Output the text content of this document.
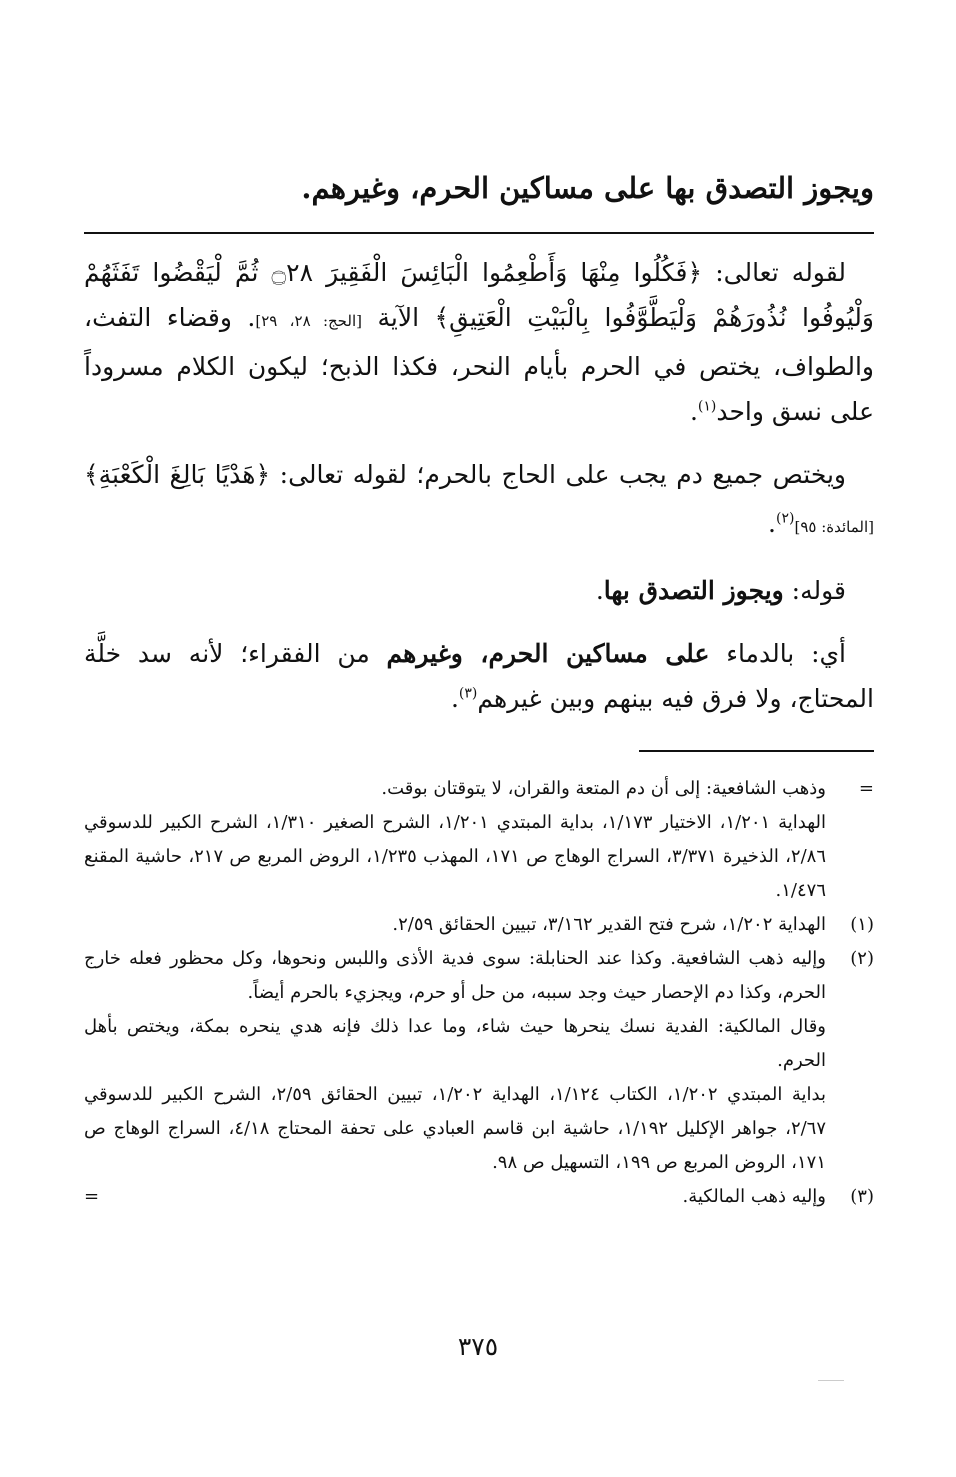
ويجوز التصدق بها على مساكين الحرم، وغيرهم.

لقوله تعالى: ﴿فَكُلُوا مِنْهَا وَأَطْعِمُوا الْبَائِسَ الْفَقِيرَ ۝٢٨ ثُمَّ لْيَقْضُوا تَفَثَهُمْ وَلْيُوفُوا نُذُورَهُمْ وَلْيَطَّوَّفُوا بِالْبَيْتِ الْعَتِيقِ﴾ الآية [الحج: ٢٨، ٢٩]. وقضاء التفث، والطواف، يختص في الحرم بأيام النحر، فكذا الذبح؛ ليكون الكلام مسروداً على نسق واحد$^{(١)}$.

ويختص جميع دم يجب على الحاج بالحرم؛ لقوله تعالى: ﴿هَدْيًا بَالِغَ الْكَعْبَةِ﴾ [المائدة: ٩٥]$^{(٢)}$.

قوله: ويجوز التصدق بها.

أي: بالدماء على مساكين الحرم، وغيرهم من الفقراء؛ لأنه سد خلَّة المحتاج، ولا فرق فيه بينهم وبين غيرهم$^{(٣)}$.

=

وذهب الشافعية: إلى أن دم المتعة والقران، لا يتوقتان بوقت.

الهداية ١/٢٠١، الاختيار ١/١٧٣، بداية المبتدي ١/٢٠١، الشرح الصغير ١/٣١٠، الشرح الكبير للدسوقي ٢/٨٦، الذخيرة ٣/٣٧١، السراج الوهاج ص ١٧١، المهذب ١/٢٣٥، الروض المربع ص ٢١٧، حاشية المقنع ١/٤٧٦.

(١)

الهداية ١/٢٠٢، شرح فتح القدير ٣/١٦٢، تبيين الحقائق ٢/٥٩.

(٢)

وإليه ذهب الشافعية. وكذا عند الحنابلة: سوى فدية الأذى واللبس ونحوها، وكل محظور فعله خارج الحرم، وكذا دم الإحصار حيث وجد سببه، من حل أو حرم، ويجزيء بالحرم أيضاً.

وقال المالكية: الفدية نسك ينحرها حيث شاء، وما عدا ذلك فإنه هدي ينحره بمكة، ويختص بأهل الحرم.

بداية المبتدي ١/٢٠٢، الكتاب ١/١٢٤، الهداية ١/٢٠٢، تبيين الحقائق ٢/٥٩، الشرح الكبير للدسوقي ٢/٦٧، جواهر الإكليل ١/١٩٢، حاشية ابن قاسم العبادي على تحفة المحتاج ٤/١٨، السراج الوهاج ص ١٧١، الروض المربع ص ١٩٩، التسهيل ص ٩٨.

(٣)

وإليه ذهب المالكية.

=
٣٧٥
